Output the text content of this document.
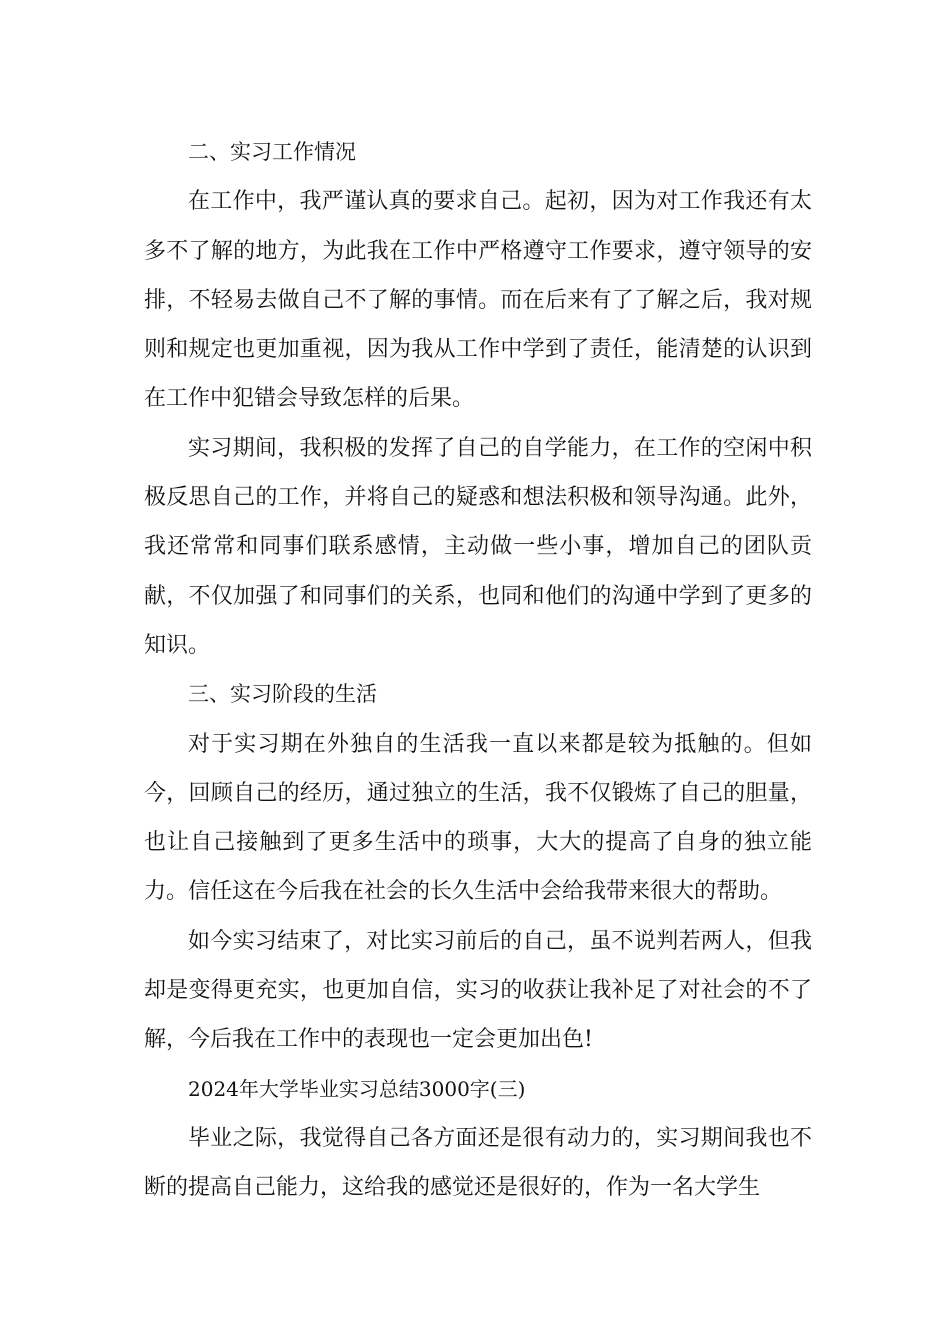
二、实习工作情况

在工作中，我严谨认真的要求自己。起初，因为对工作我还有太多不了解的地方，为此我在工作中严格遵守工作要求，遵守领导的安排，不轻易去做自己不了解的事情。而在后来有了了解之后，我对规则和规定也更加重视，因为我从工作中学到了责任，能清楚的认识到在工作中犯错会导致怎样的后果。

实习期间，我积极的发挥了自己的自学能力，在工作的空闲中积极反思自己的工作，并将自己的疑惑和想法积极和领导沟通。此外，我还常常和同事们联系感情，主动做一些小事，增加自己的团队贡献，不仅加强了和同事们的关系，也同和他们的沟通中学到了更多的知识。

三、实习阶段的生活

对于实习期在外独自的生活我一直以来都是较为抵触的。但如今，回顾自己的经历，通过独立的生活，我不仅锻炼了自己的胆量，也让自己接触到了更多生活中的琐事，大大的提高了自身的独立能力。信任这在今后我在社会的长久生活中会给我带来很大的帮助。

如今实习结束了，对比实习前后的自己，虽不说判若两人，但我却是变得更充实，也更加自信，实习的收获让我补足了对社会的不了解，今后我在工作中的表现也一定会更加出色!

2024年大学毕业实习总结3000字(三)

毕业之际，我觉得自己各方面还是很有动力的，实习期间我也不断的提高自己能力，这给我的感觉还是很好的，作为一名大学生
